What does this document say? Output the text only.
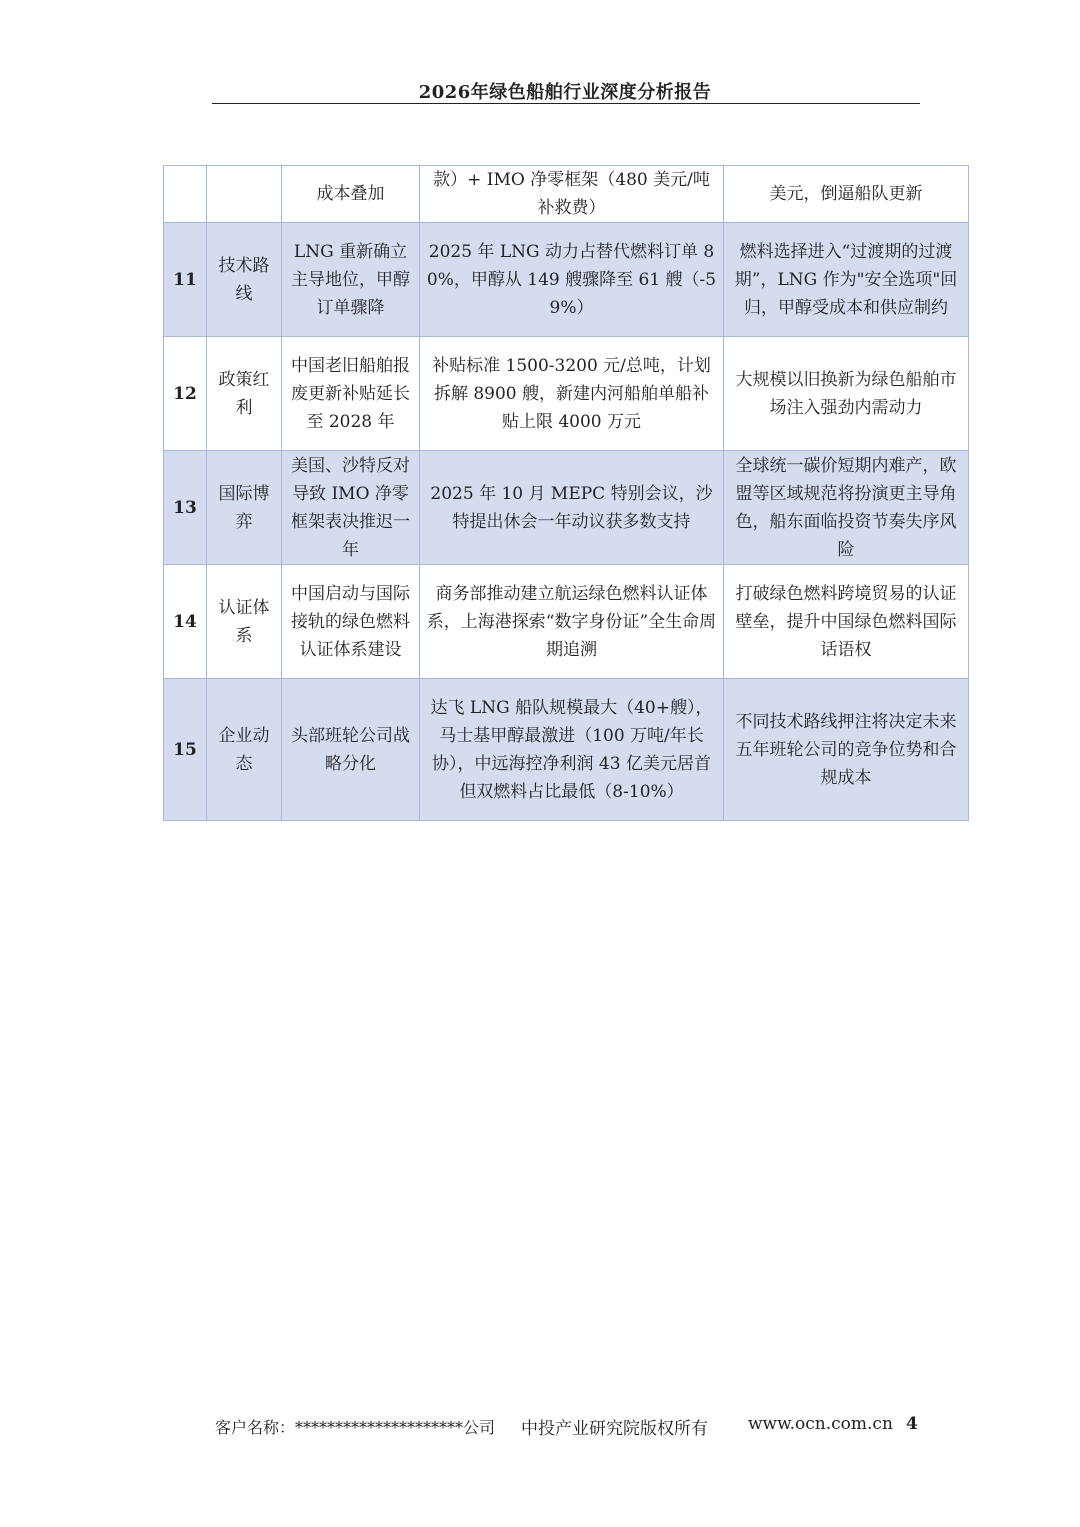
2026年绿色船舶行业深度分析报告
		成本叠加	款）+ IMO 净零框架（480 美元/吨补救费）	美元，倒逼船队更新
11	技术路线	LNG 重新确立主导地位，甲醇订单骤降	2025 年 LNG 动力占替代燃料订单 80%，甲醇从 149 艘骤降至 61 艘（-59%）	燃料选择进入“过渡期的过渡期”，LNG 作为"安全选项"回归，甲醇受成本和供应制约
12	政策红利	中国老旧船舶报废更新补贴延长至 2028 年	补贴标准 1500-3200 元/总吨，计划拆解 8900 艘，新建内河船舶单船补贴上限 4000 万元	大规模以旧换新为绿色船舶市场注入强劲内需动力
13	国际博弈	美国、沙特反对导致 IMO 净零框架表决推迟一年	2025 年 10 月 MEPC 特别会议，沙特提出休会一年动议获多数支持	全球统一碳价短期内难产，欧盟等区域规范将扮演更主导角色，船东面临投资节奏失序风险
14	认证体系	中国启动与国际接轨的绿色燃料认证体系建设	商务部推动建立航运绿色燃料认证体系，上海港探索“数字身份证”全生命周期追溯	打破绿色燃料跨境贸易的认证壁垒，提升中国绿色燃料国际话语权
15	企业动态	头部班轮公司战略分化	达飞 LNG 船队规模最大（40+艘），马士基甲醇最激进（100 万吨/年长协），中远海控净利润 43 亿美元居首但双燃料占比最低（8-10%）	不同技术路线押注将决定未来五年班轮公司的竞争位势和合规成本
客户名称：*********************公司 中投产业研究院版权所有 www.ocn.com.cn 4
